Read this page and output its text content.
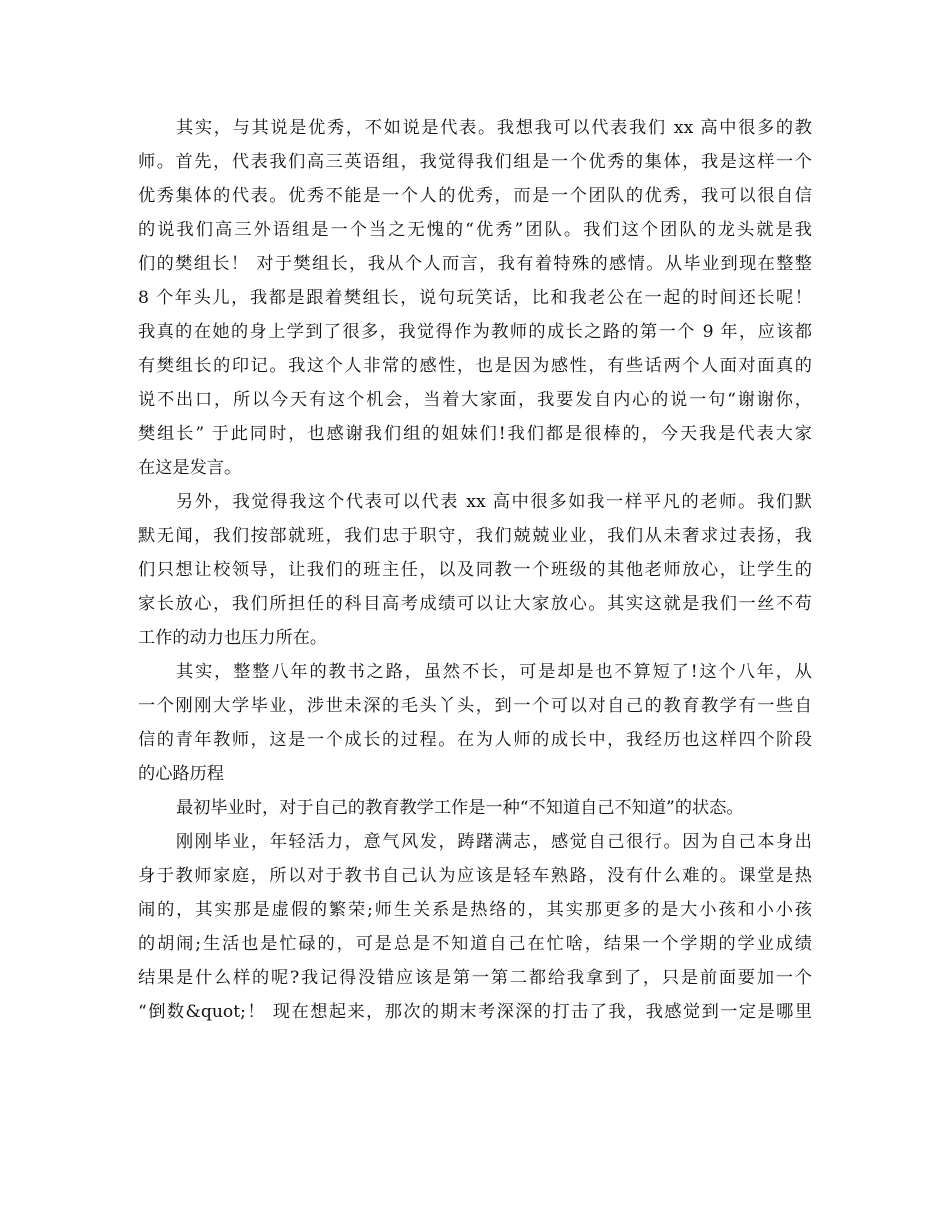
其实，与其说是优秀，不如说是代表。我想我可以代表我们 xx 高中很多的教
师。首先，代表我们高三英语组，我觉得我们组是一个优秀的集体，我是这样一个
优秀集体的代表。优秀不能是一个人的优秀，而是一个团队的优秀，我可以很自信
的说我们高三外语组是一个当之无愧的“优秀”团队。我们这个团队的龙头就是我
们的樊组长！ 对于樊组长，我从个人而言，我有着特殊的感情。从毕业到现在整整
8 个年头儿，我都是跟着樊组长，说句玩笑话，比和我老公在一起的时间还长呢！
我真的在她的身上学到了很多，我觉得作为教师的成长之路的第一个 9 年，应该都
有樊组长的印记。我这个人非常的感性，也是因为感性，有些话两个人面对面真的
说不出口，所以今天有这个机会，当着大家面，我要发自内心的说一句“谢谢你，
樊组长” 于此同时，也感谢我们组的姐妹们!我们都是很棒的，今天我是代表大家
在这是发言。
另外，我觉得我这个代表可以代表 xx 高中很多如我一样平凡的老师。我们默
默无闻，我们按部就班，我们忠于职守，我们兢兢业业，我们从未奢求过表扬，我
们只想让校领导，让我们的班主任，以及同教一个班级的其他老师放心，让学生的
家长放心，我们所担任的科目高考成绩可以让大家放心。其实这就是我们一丝不苟
工作的动力也压力所在。
其实，整整八年的教书之路，虽然不长，可是却是也不算短了!这个八年，从
一个刚刚大学毕业，涉世未深的毛头丫头，到一个可以对自己的教育教学有一些自
信的青年教师，这是一个成长的过程。在为人师的成长中，我经历也这样四个阶段
的心路历程
最初毕业时，对于自己的教育教学工作是一种“不知道自己不知道”的状态。
刚刚毕业，年轻活力，意气风发，踌躇满志，感觉自己很行。因为自己本身出
身于教师家庭，所以对于教书自己认为应该是轻车熟路，没有什么难的。课堂是热
闹的，其实那是虚假的繁荣;师生关系是热络的，其实那更多的是大小孩和小小孩
的胡闹;生活也是忙碌的，可是总是不知道自己在忙啥，结果一个学期的学业成绩
结果是什么样的呢?我记得没错应该是第一第二都给我拿到了，只是前面要加一个
“倒数&quot;！ 现在想起来，那次的期末考深深的打击了我，我感觉到一定是哪里
